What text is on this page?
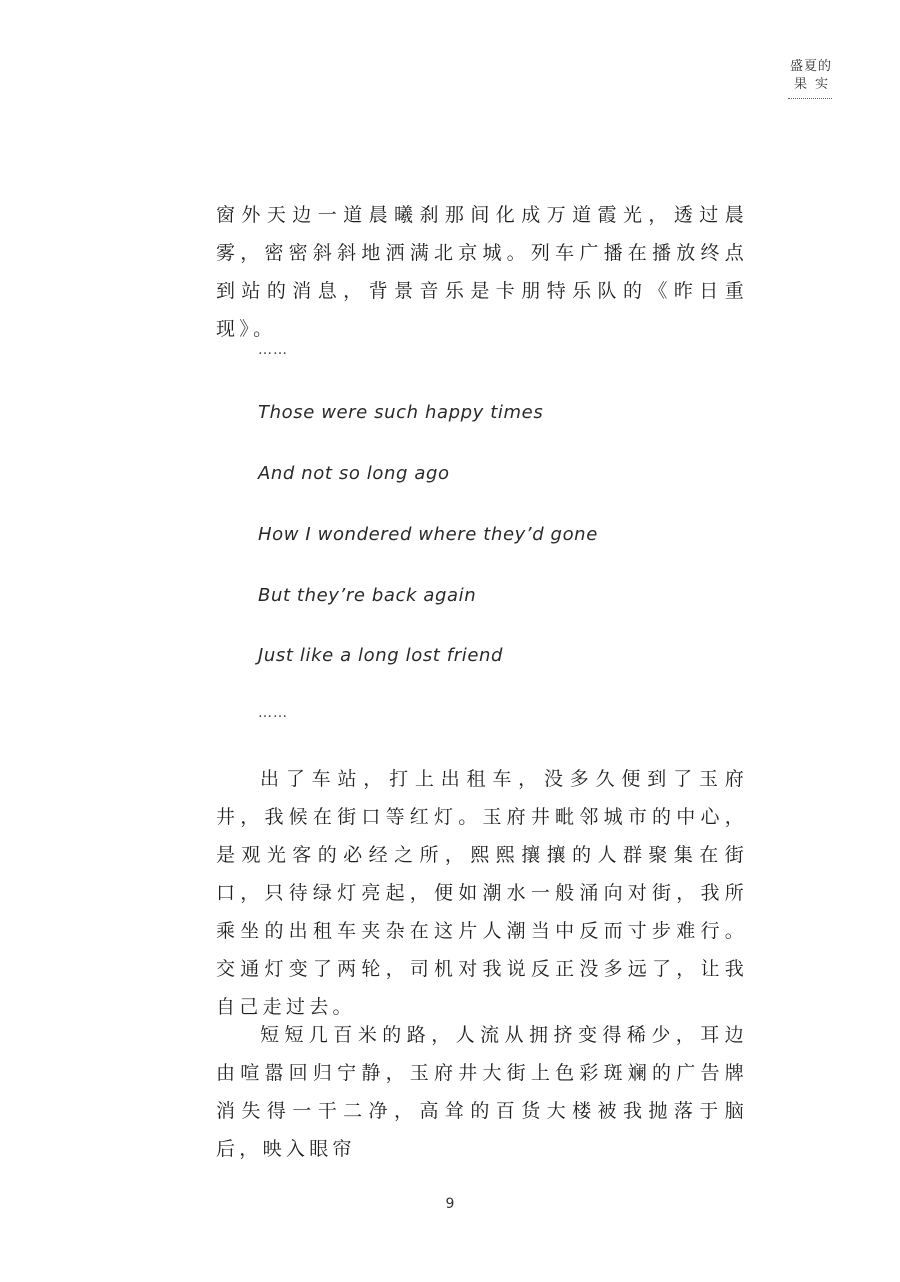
盛夏的
果实

窗外天边一道晨曦刹那间化成万道霞光，透过晨雾，密密斜斜地洒满北京城。列车广播在播放终点到站的消息，背景音乐是卡朋特乐队的《昨日重现》。

……

Those were such happy times

And not so long ago

How I wondered where they’d gone

But they’re back again

Just like a long lost friend

……

出了车站，打上出租车，没多久便到了玉府井，我候在街口等红灯。玉府井毗邻城市的中心，是观光客的必经之所，熙熙攘攘的人群聚集在街口，只待绿灯亮起，便如潮水一般涌向对街，我所乘坐的出租车夹杂在这片人潮当中反而寸步难行。交通灯变了两轮，司机对我说反正没多远了，让我自己走过去。

短短几百米的路，人流从拥挤变得稀少，耳边由喧嚣回归宁静，玉府井大街上色彩斑斓的广告牌消失得一干二净，高耸的百货大楼被我抛落于脑后，映入眼帘

9
